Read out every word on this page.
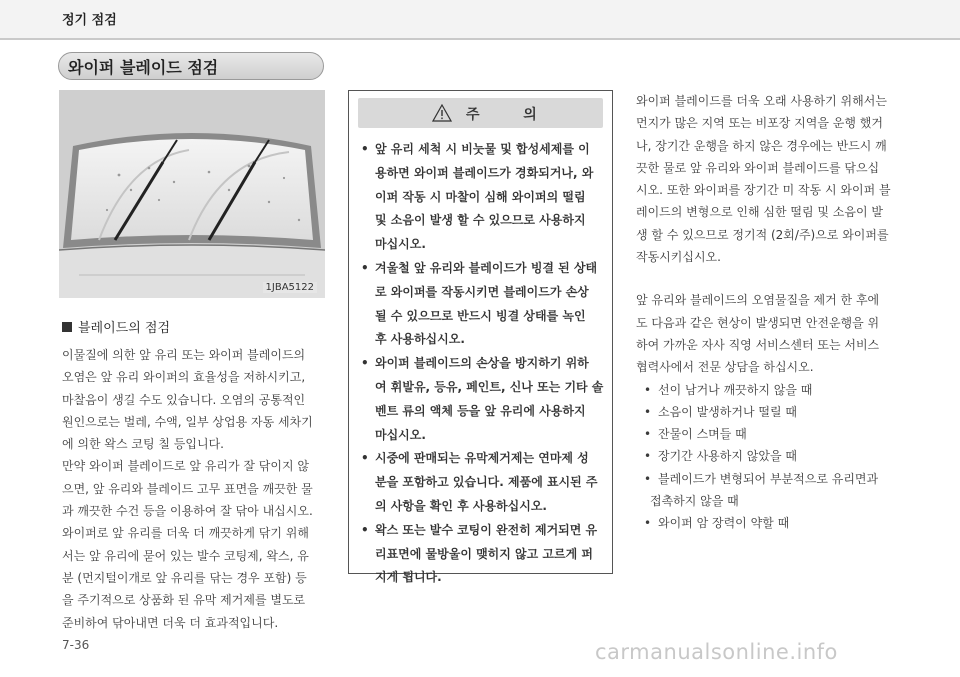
정기 점검
와이퍼 블레이드 점검
1JBA5122
블레이드의 점검

이물질에 의한 앞 유리 또는 와이퍼 블레이드의

오염은 앞 유리 와이퍼의 효율성을 저하시키고,

마찰음이 생길 수도 있습니다. 오염의 공통적인

원인으로는 벌레, 수액, 일부 상업용 자동 세차기

에 의한 왁스 코팅 칠 등입니다.

만약 와이퍼 블레이드로 앞 유리가 잘 닦이지 않

으면, 앞 유리와 블레이드 고무 표면을 깨끗한 물

과 깨끗한 수건 등을 이용하여 잘 닦아 내십시오.

와이퍼로 앞 유리를 더욱 더 깨끗하게 닦기 위해

서는 앞 유리에 묻어 있는 발수 코팅제, 왁스, 유

분 (먼지털이개로 앞 유리를 닦는 경우 포함) 등

을 주기적으로 상품화 된 유막 제거제를 별도로

준비하여 닦아내면 더욱 더 효과적입니다.

주	의
• 앞 유리 세척 시 비눗물 및 합성세제를 이
용하면 와이퍼 블레이드가 경화되거나, 와
이퍼 작동 시 마찰이 심해 와이퍼의 떨림
및 소음이 발생 할 수 있으므로 사용하지
마십시오.
• 겨울철 앞 유리와 블레이드가 빙결 된 상태
로 와이퍼를 작동시키면 블레이드가 손상
될 수 있으므로 반드시 빙결 상태를 녹인
후 사용하십시오.
• 와이퍼 블레이드의 손상을 방지하기 위하
여 휘발유, 등유, 페인트, 신나 또는 기타 솔
벤트 류의 액체 등을 앞 유리에 사용하지
마십시오.
• 시중에 판매되는 유막제거제는 연마제 성
분을 포함하고 있습니다. 제품에 표시된 주
의 사항을 확인 후 사용하십시오.
• 왁스 또는 발수 코팅이 완전히 제거되면 유
리표면에 물방울이 맺히지 않고 고르게 퍼
지게 됩니다.

와이퍼 블레이드를 더욱 오래 사용하기 위해서는

먼지가 많은 지역 또는 비포장 지역을 운행 했거

나, 장기간 운행을 하지 않은 경우에는 반드시 깨

끗한 물로 앞 유리와 와이퍼 블레이드를 닦으십

시오. 또한 와이퍼를 장기간 미 작동 시 와이퍼 블

레이드의 변형으로 인해 심한 떨림 및 소음이 발

생 할 수 있으므로 정기적 (2회/주)으로 와이퍼를

작동시키십시오.

앞 유리와 블레이드의 오염물질을 제거 한 후에

도 다음과 같은 현상이 발생되면 안전운행을 위

하여 가까운 자사 직영 서비스센터 또는 서비스

협력사에서 전문 상담을 하십시오.

• 선이 남거나 깨끗하지 않을 때
• 소음이 발생하거나 떨릴 때
• 잔물이 스며들 때
• 장기간 사용하지 않았을 때
• 블레이드가 변형되어 부분적으로 유리면과
접촉하지 않을 때
• 와이퍼 암 장력이 약할 때
7-36	carmanualsonline.info
